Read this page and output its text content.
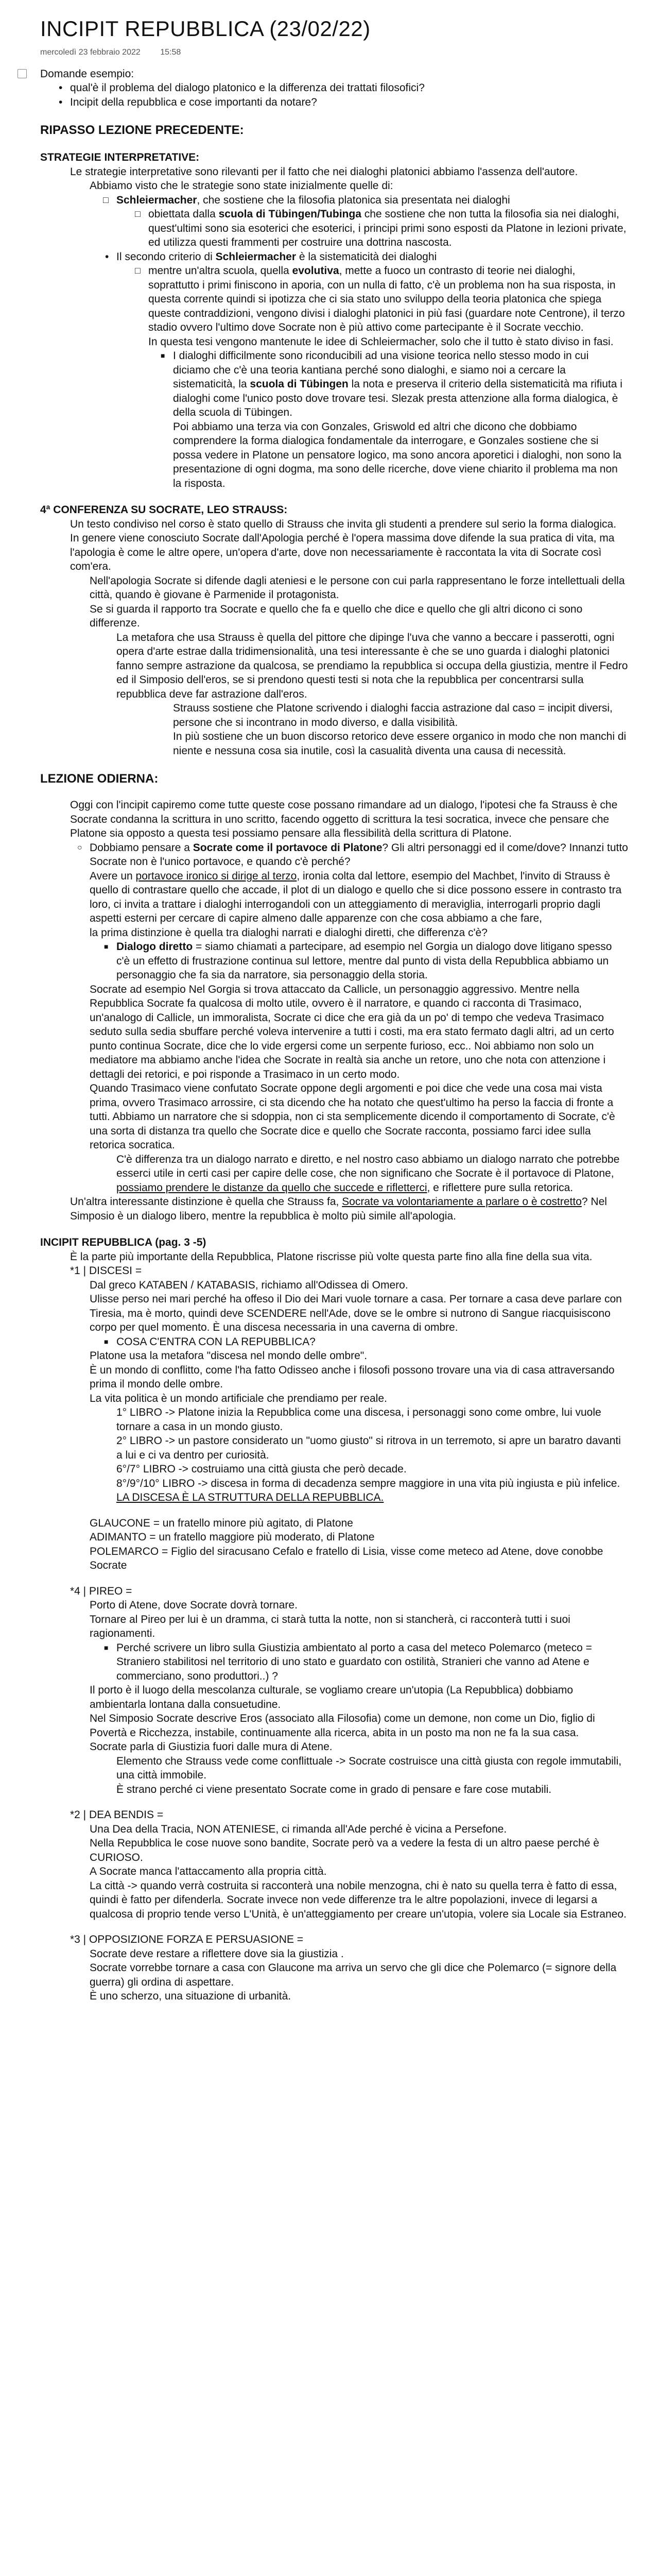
INCIPIT REPUBBLICA (23/02/22)
mercoledì 23 febbraio 2022 15:58

Domande esempio:

• qual'è il problema del dialogo platonico e la differenza dei trattati filosofici?
• Incipit della repubblica e cose importanti da notare?

RIPASSO LEZIONE PRECEDENTE:

STRATEGIE INTERPRETATIVE:

Le strategie interpretative sono rilevanti per il fatto che nei dialoghi platonici abbiamo l'assenza dell'autore.

Abbiamo visto che le strategie sono state inizialmente quelle di:

□ Schleiermacher, che sostiene che la filosofia platonica sia presentata nei dialoghi
□ obiettata dalla scuola di Tübingen/Tubinga che sostiene che non tutta la filosofia sia nei dialoghi, quest'ultimi sono sia esoterici che esoterici, i principi primi sono esposti da Platone in lezioni private, ed utilizza questi frammenti per costruire una dottrina nascosta.
• Il secondo criterio di Schleiermacher è la sistematicità dei dialoghi
□ mentre un'altra scuola, quella evolutiva, mette a fuoco un contrasto di teorie nei dialoghi, soprattutto i primi finiscono in aporia, con un nulla di fatto, c'è un problema non ha sua risposta, in questa corrente quindi si ipotizza che ci sia stato uno sviluppo della teoria platonica che spiega queste contraddizioni, vengono divisi i dialoghi platonici in più fasi (guardare note Centrone), il terzo stadio ovvero l'ultimo dove Socrate non è più attivo come partecipante è il Socrate vecchio.

In questa tesi vengono mantenute le idee di Schleiermacher, solo che il tutto è stato diviso in fasi.

■ I dialoghi difficilmente sono riconducibili ad una visione teorica nello stesso modo in cui diciamo che c'è una teoria kantiana perché sono dialoghi, e siamo noi a cercare la sistematicità, la scuola di Tübingen la nota e preserva il criterio della sistematicità ma rifiuta i dialoghi come l'unico posto dove trovare tesi. Slezak presta attenzione alla forma dialogica, è della scuola di Tübingen.

Poi abbiamo una terza via con Gonzales, Griswold ed altri che dicono che dobbiamo comprendere la forma dialogica fondamentale da interrogare, e Gonzales sostiene che si possa vedere in Platone un pensatore logico, ma sono ancora aporetici i dialoghi, non sono la presentazione di ogni dogma, ma sono delle ricerche, dove viene chiarito il problema ma non la risposta.

4ª CONFERENZA SU SOCRATE, LEO STRAUSS:

Un testo condiviso nel corso è stato quello di Strauss che invita gli studenti a prendere sul serio la forma dialogica.

In genere viene conosciuto Socrate dall'Apologia perché è l'opera massima dove difende la sua pratica di vita, ma l'apologia è come le altre opere, un'opera d'arte, dove non necessariamente è raccontata la vita di Socrate così com'era.

Nell'apologia Socrate si difende dagli ateniesi e le persone con cui parla rappresentano le forze intellettuali della città, quando è giovane è Parmenide il protagonista.

Se si guarda il rapporto tra Socrate e quello che fa e quello che dice e quello che gli altri dicono ci sono differenze.

La metafora che usa Strauss è quella del pittore che dipinge l'uva che vanno a beccare i passerotti, ogni opera d'arte estrae dalla tridimensionalità, una tesi interessante è che se uno guarda i dialoghi platonici fanno sempre astrazione da qualcosa, se prendiamo la repubblica si occupa della giustizia, mentre il Fedro ed il Simposio dell'eros, se si prendono questi testi si nota che la repubblica per concentrarsi sulla repubblica deve far astrazione dall'eros.

Strauss sostiene che Platone scrivendo i dialoghi faccia astrazione dal caso = incipit diversi, persone che si incontrano in modo diverso, e dalla visibilità.

In più sostiene che un buon discorso retorico deve essere organico in modo che non manchi di niente e nessuna cosa sia inutile, così la casualità diventa una causa di necessità.

LEZIONE ODIERNA:

Oggi con l'incipit capiremo come tutte queste cose possano rimandare ad un dialogo, l'ipotesi che fa Strauss è che Socrate condanna la scrittura in uno scritto, facendo oggetto di scrittura la tesi socratica, invece che pensare che Platone sia opposto a questa tesi possiamo pensare alla flessibilità della scrittura di Platone.

○ Dobbiamo pensare a Socrate come il portavoce di Platone? Gli altri personaggi ed il come/dove? Innanzi tutto Socrate non è l'unico portavoce, e quando c'è perché?

Avere un portavoce ironico si dirige al terzo, ironia colta dal lettore, esempio del Machbet, l'invito di Strauss è quello di contrastare quello che accade, il plot di un dialogo e quello che si dice possono essere in contrasto tra loro, ci invita a trattare i dialoghi interrogandoli con un atteggiamento di meraviglia, interrogarli proprio dagli aspetti esterni per cercare di capire almeno dalle apparenze con che cosa abbiamo a che fare,

la prima distinzione è quella tra dialoghi narrati e dialoghi diretti, che differenza c'è?

■ Dialogo diretto = siamo chiamati a partecipare, ad esempio nel Gorgia un dialogo dove litigano spesso c'è un effetto di frustrazione continua sul lettore, mentre dal punto di vista della Repubblica abbiamo un personaggio che fa sia da narratore, sia personaggio della storia.

Socrate ad esempio Nel Gorgia si trova attaccato da Callicle, un personaggio aggressivo. Mentre nella Repubblica Socrate fa qualcosa di molto utile, ovvero è il narratore, e quando ci racconta di Trasimaco, un'analogo di Callicle, un immoralista, Socrate ci dice che era già da un po' di tempo che vedeva Trasimaco seduto sulla sedia sbuffare perché voleva intervenire a tutti i costi, ma era stato fermato dagli altri, ad un certo punto continua Socrate, dice che lo vide ergersi come un serpente furioso, ecc.. Noi abbiamo non solo un mediatore ma abbiamo anche l'idea che Socrate in realtà sia anche un retore, uno che nota con attenzione i dettagli dei retorici, e poi risponde a Trasimaco in un certo modo.

Quando Trasimaco viene confutato Socrate oppone degli argomenti e poi dice che vede una cosa mai vista prima, ovvero Trasimaco arrossire, ci sta dicendo che ha notato che quest'ultimo ha perso la faccia di fronte a tutti. Abbiamo un narratore che si sdoppia, non ci sta semplicemente dicendo il comportamento di Socrate, c'è una sorta di distanza tra quello che Socrate dice e quello che Socrate racconta, possiamo farci idee sulla retorica socratica.

C'è differenza tra un dialogo narrato e diretto, e nel nostro caso abbiamo un dialogo narrato che potrebbe esserci utile in certi casi per capire delle cose, che non significano che Socrate è il portavoce di Platone, possiamo prendere le distanze da quello che succede e rifletterci, e riflettere pure sulla retorica.

Un'altra interessante distinzione è quella che Strauss fa, Socrate va volontariamente a parlare o è costretto? Nel Simposio è un dialogo libero, mentre la repubblica è molto più simile all'apologia.

INCIPIT REPUBBLICA (pag. 3 -5)

È la parte più importante della Repubblica, Platone riscrisse più volte questa parte fino alla fine della sua vita.

*1 | DISCESI =

Dal greco KATABEN / KATABASIS, richiamo all'Odissea di Omero.

Ulisse perso nei mari perché ha offeso il Dio dei Mari vuole tornare a casa. Per tornare a casa deve parlare con Tiresia, ma è morto, quindi deve SCENDERE nell'Ade, dove se le ombre si nutrono di Sangue riacquisiscono corpo per quel momento. È una discesa necessaria in una caverna di ombre.

■ COSA C'ENTRA CON LA REPUBBLICA?

Platone usa la metafora "discesa nel mondo delle ombre".

È un mondo di conflitto, come l'ha fatto Odisseo anche i filosofi possono trovare una via di casa attraversando prima il mondo delle ombre.

La vita politica è un mondo artificiale che prendiamo per reale.

1° LIBRO -> Platone inizia la Repubblica come una discesa, i personaggi sono come ombre, lui vuole tornare a casa in un mondo giusto.

2° LIBRO -> un pastore considerato un "uomo giusto" si ritrova in un terremoto, si apre un baratro davanti a lui e ci va dentro per curiosità.

6°/7° LIBRO -> costruiamo una città giusta che però decade.

8°/9°/10° LIBRO -> discesa in forma di decadenza sempre maggiore in una vita più ingiusta e più infelice.

LA DISCESA È LA STRUTTURA DELLA REPUBBLICA.

GLAUCONE = un fratello minore più agitato, di Platone

ADIMANTO = un fratello maggiore più moderato, di Platone

POLEMARCO = Figlio del siracusano Cefalo e fratello di Lisia, visse come meteco ad Atene, dove conobbe Socrate

*4 | PIREO =

Porto di Atene, dove Socrate dovrà tornare.

Tornare al Pireo per lui è un dramma, ci starà tutta la notte, non si stancherà, ci racconterà tutti i suoi ragionamenti.

■ Perché scrivere un libro sulla Giustizia ambientato al porto a casa del meteco Polemarco (meteco = Straniero stabilitosi nel territorio di uno stato e guardato con ostilità, Stranieri che vanno ad Atene e commerciano, sono produttori..) ?

Il porto è il luogo della mescolanza culturale, se vogliamo creare un'utopia (La Repubblica) dobbiamo ambientarla lontana dalla consuetudine.

Nel Simposio Socrate descrive Eros (associato alla Filosofia) come un demone, non come un Dio, figlio di Povertà e Ricchezza, instabile, continuamente alla ricerca, abita in un posto ma non ne fa la sua casa.

Socrate parla di Giustizia fuori dalle mura di Atene.

Elemento che Strauss vede come conflittuale -> Socrate costruisce una città giusta con regole immutabili, una città immobile.

È strano perché ci viene presentato Socrate come in grado di pensare e fare cose mutabili.

*2 | DEA BENDIS =

Una Dea della Tracia, NON ATENIESE, ci rimanda all'Ade perché è vicina a Persefone.

Nella Repubblica le cose nuove sono bandite, Socrate però va a vedere la festa di un altro paese perché è CURIOSO.

A Socrate manca l'attaccamento alla propria città.

La città -> quando verrà costruita si racconterà una nobile menzogna, chi è nato su quella terra è fatto di essa, quindi è fatto per difenderla. Socrate invece non vede differenze tra le altre popolazioni, invece di legarsi a qualcosa di proprio tende verso L'Unità, è un'atteggiamento per creare un'utopia, volere sia Locale sia Estraneo.

*3 | OPPOSIZIONE FORZA E PERSUASIONE =

Socrate deve restare a riflettere dove sia la giustizia .

Socrate vorrebbe tornare a casa con Glaucone ma arriva un servo che gli dice che Polemarco (= signore della guerra) gli ordina di aspettare.

È uno scherzo, una situazione di urbanità.
